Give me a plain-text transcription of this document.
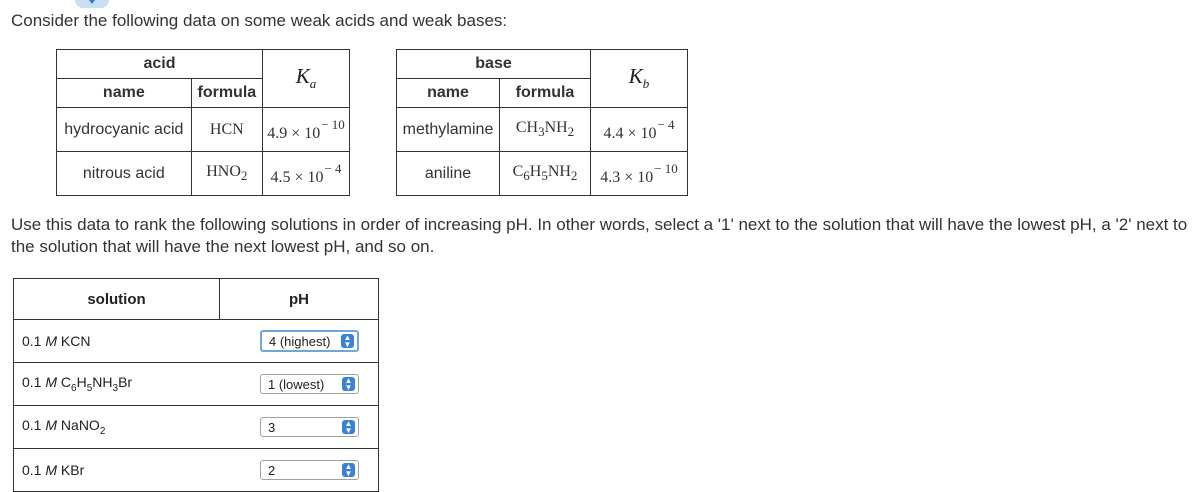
Consider the following data on some weak acids and weak bases:
acid		$K_a$
name	formula	
hydrocyanic acid	HCN	$4.9 \times 10^{- 10}$
nitrous acid	$HNO_2$	$4.5 \times 10^{- 4}$
base		$K_b$
name	formula	
methylamine	$CH_3NH_2$	$4.4 \times 10^{- 4}$
aniline	$C_6H_5NH_2$	$4.3 \times 10^{- 10}$
Use this data to rank the following solutions in order of increasing pH. In other words, select a '1' next to the solution that will have the lowest pH, a '2' next to the solution that will have the next lowest pH, and so on.
solution	pH

0.1 M KCN	4 (highest)	▲
▼

0.1 M $C_6H_5NH_3Br$	1 (lowest)	▲
▼

0.1 M NaNO$_2$	3	▲
▼

0.1 M KBr	2	▲
▼
